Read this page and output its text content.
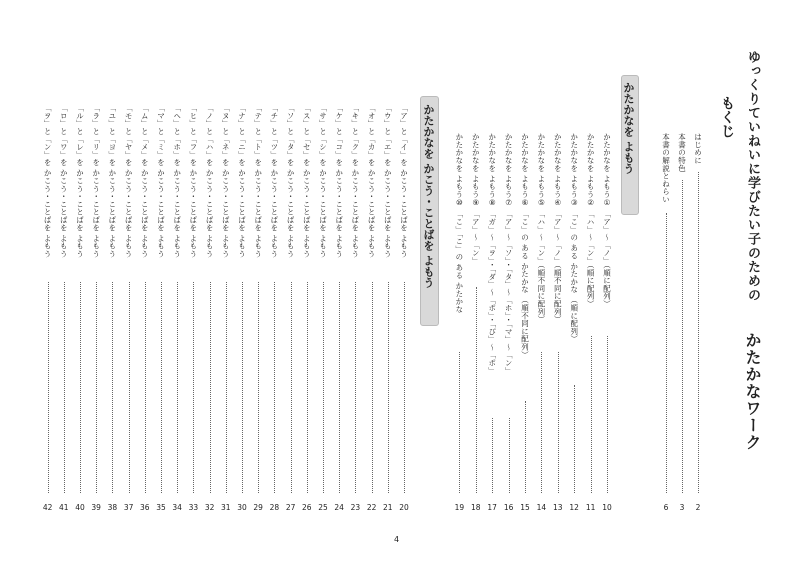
ゆっくりていねいに学びたい子のための かたかなワーク
もくじ
はじめに
2
本書の特色
3
本書の解説とねらい
6
かたかなを よもう
かたかなを よもう① 「ア」～「ノ」（順に配列）
10
かたかなを よもう② 「ハ」～「ン」（順に配列）
11
かたかなを よもう③ 「こ」の ある かたかな （順に配列）
12
かたかなを よもう④ 「ア」～「ノ」（順不同に配列）
13
かたかなを よもう⑤ 「ハ」～「ン」（順不同に配列）
14
かたかなを よもう⑥ 「こ」の ある かたかな （順不同に配列）
15
かたかなを よもう⑦ 「ア」～「ソ」・「タ」～「ホ」・「マ」～「ン」
16
かたかなを よもう⑧ 「ガ」～「ヲ」・「ダ」～「ポ」・「ぴ」～「ポ」
17
かたかなを よもう⑨ 「ア」～「ン」
18
かたかなを よもう⑩ 「こ」「こ」の ある かたかな
19
かたかなを かこう・ことばを よもう
「ア」と「イ」を かこう・ことばを よもう
20
「ウ」と「エ」を かこう・ことばを よもう
21
「オ」と「カ」を かこう・ことばを よもう
22
「キ」と「ク」を かこう・ことばを よもう
23
「ケ」と「コ」を かこう・ことばを よもう
24
「サ」と「シ」を かこう・ことばを よもう
25
「ス」と「セ」を かこう・ことばを よもう
26
「ソ」と「タ」を かこう・ことばを よもう
27
「チ」と「ツ」を かこう・ことばを よもう
28
「テ」と「ト」を かこう・ことばを よもう
29
「ナ」と「ニ」を かこう・ことばを よもう
30
「ヌ」と「ネ」を かこう・ことばを よもう
31
「ノ」と「ハ」を かこう・ことばを よもう
32
「ヒ」と「フ」を かこう・ことばを よもう
33
「ヘ」と「ホ」を かこう・ことばを よもう
34
「マ」と「ミ」を かこう・ことばを よもう
35
「ム」と「メ」を かこう・ことばを よもう
36
「モ」と「ヤ」を かこう・ことばを よもう
37
「ユ」と「ヨ」を かこう・ことばを よもう
38
「ラ」と「リ」を かこう・ことばを よもう
39
「ル」と「レ」を かこう・ことばを よもう
40
「ロ」と「ワ」を かこう・ことばを よもう
41
「ヲ」と「ン」を かこう・ことばを よもう
42
4
